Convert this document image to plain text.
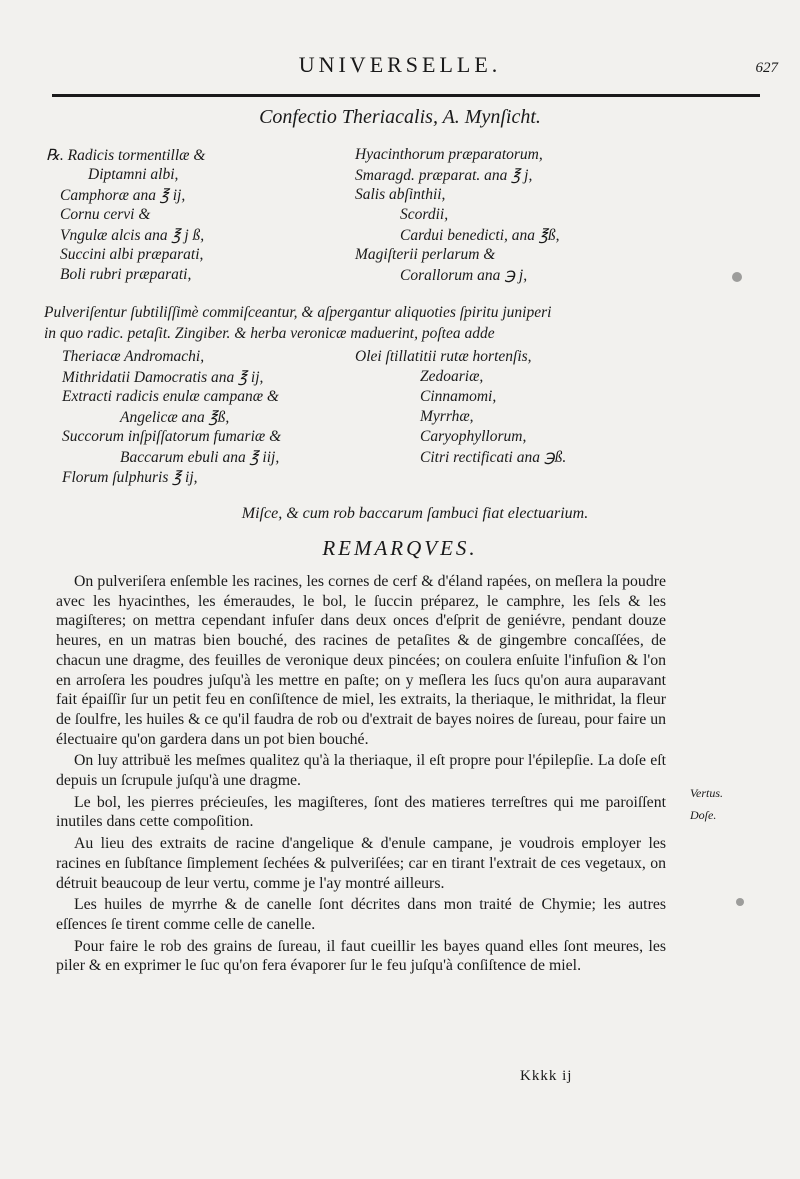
UNIVERSELLE.	627
Confectio Theriacalis, A. Mynſicht.
℞. Radicis tormentillæ &
Diptamni albi,
Camphoræ ana ℥ ij,
Cornu cervi &
Vngulæ alcis ana ℥ j ß,
Succini albi præparati,
Boli rubri præparati,
Hyacinthorum præparatorum,
Smaragd. præparat. ana ℥ j,
Salis abſinthii,
Scordii,
Cardui benedicti, ana ℥ß,
Magiſterii perlarum &
Corallorum ana ℈ j,
Pulveriſentur ſubtiliſſimè commiſceantur, & aſpergantur aliquoties ſpiritu juniperi
in quo radic. petaſit. Zingiber. & herba veronicæ maduerint, poſtea adde
Theriacæ Andromachi,
Mithridatii Damocratis ana ℥ ij,
Extracti radicis enulæ campanæ &
Angelicæ ana ℥ß,
Succorum inſpiſſatorum fumariæ &
Baccarum ebuli ana ℥ iij,
Florum ſulphuris ℥ ij,
Olei ſtillatitii rutæ hortenſis,
Zedoariæ,
Cinnamomi,
Myrrhæ,
Caryophyllorum,
Citri rectificati ana ℈ß.
Miſce, & cum rob baccarum ſambuci fiat electuarium.
REMARQVES.

On pulveriſera enſemble les racines, les cornes de cerf & d'éland rapées, on meſlera la poudre avec les hyacinthes, les émeraudes, le bol, le ſuccin préparez, le camphre, les ſels & les magiſteres; on mettra cependant infuſer dans deux onces d'eſprit de geniévre, pendant douze heures, en un matras bien bouché, des racines de petaſites & de gingembre concaſſées, de chacun une dragme, des feuilles de veronique deux pincées; on coulera enſuite l'infuſion & l'on en arroſera les poudres juſqu'à les mettre en paſte; on y meſlera les ſucs qu'on aura auparavant fait épaiſſir ſur un petit feu en conſiſtence de miel, les extraits, la theriaque, le mithridat, la fleur de ſoulfre, les huiles & ce qu'il faudra de rob ou d'extrait de bayes noires de ſureau, pour faire un électuaire qu'on gardera dans un pot bien bouché.

On luy attribuë les meſmes qualitez qu'à la theriaque, il eſt propre pour l'épilepſie. La doſe eſt depuis un ſcrupule juſqu'à une dragme.

Le bol, les pierres précieuſes, les magiſteres, ſont des matieres terreſtres qui me paroiſſent inutiles dans cette compoſition.

Au lieu des extraits de racine d'angelique & d'enule campane, je voudrois employer les racines en ſubſtance ſimplement ſechées & pulveriſées; car en tirant l'extrait de ces vegetaux, on détruit beaucoup de leur vertu, comme je l'ay montré ailleurs.

Les huiles de myrrhe & de canelle ſont décrites dans mon traité de Chymie; les autres eſſences ſe tirent comme celle de canelle.

Pour faire le rob des grains de ſureau, il faut cueillir les bayes quand elles ſont meures, les piler & en exprimer le ſuc qu'on fera évaporer ſur le feu juſqu'à conſiſtence de miel.

Vertus.
Doſe.
Kkkk ij
